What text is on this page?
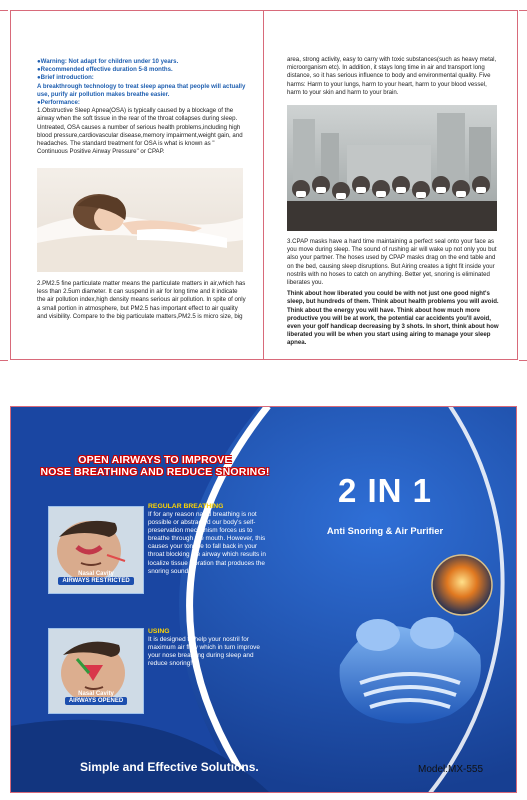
●Warning: Not adapt for children under 10 years.

●Recommended effective duration 5-8 months.

●Brief introduction:

A breakthrough technology to treat sleep apnea that people will actually use, purify air pollution makes breathe easier.

●Performance:

1.Obstructive Sleep Apnea(OSA) is typically caused by a blockage of the airway when the soft tissue in the rear of the throat collapses during sleep. Untreated, OSA causes a number of serious health problems,including high blood pressure,cardiovascular disease,memory impairment,weight gain, and headaches. The standard treatment for OSA is what is known as " Continuous Positive Airway Pressure" or CPAP.

2.PM2.5 fine particulate matter means the particulate matters in air,which has less than 2.5um diameter. It can suspend in air for long time and it indicate the air pollution index,high density means serious air pollution. In spite of only a small portion in atmosphere, but PM2.5 has important effect to air quality and visibility. Compare to the big particulate matters,PM2.5 is micro size, big

area, strong activity, easy to carry with toxic substances(such as heavy metal, microorganism etc). In addition, it stays long time in air and transport long distance, so it has serious influence to body and environmental quality. Five harms: Harm to your lungs, harm to your heart, harm to your blood vessel, harm to your skin and harm to your brain.

3.CPAP masks have a hard time maintaining a perfect seal onto your face as you move during sleep. The sound of rushing air will wake up not only you but also your partner. The hoses used by CPAP masks drag on the end table and on the bed, causing sleep disruptions. But Airing creates a tight fit inside your nostrils with no hoses to catch on anything. Better yet, snoring is eliminated liberates you.

Think about how liberated you could be with not just one good night's sleep, but hundreds of them. Think about health problems you will avoid. Think about the energy you will have. Think about how much more productive you will be at work, the potential car accidents you'll avoid, even your golf handicap decreasing by 3 shots. In short, think about how liberated you will be when you start using airing to manage your sleep apnea.

OPEN AIRWAYS TO IMPROVE
NOSE BREATHING AND REDUCE SNORING!
Nasal Cavity
AIRWAYS RESTRICTED
REGULAR BREATHING
If for any reason nasal breathing is not possible or abstracted our body's self-preservation mechanism forces us to breathe through the mouth. However, this causes your tongue to fall back in your throat blocking the airway which results in localize tissue vibration that produces the snoring sound.
Nasal Cavity
AIRWAYS OPENED
USING
It is designed to help your nostril for maximum air flow which in turn improve your nose breathing during sleep and reduce snoring!
2 IN 1
Anti Snoring & Air Purifier
Simple and Effective Solutions.	Model:MX-555
